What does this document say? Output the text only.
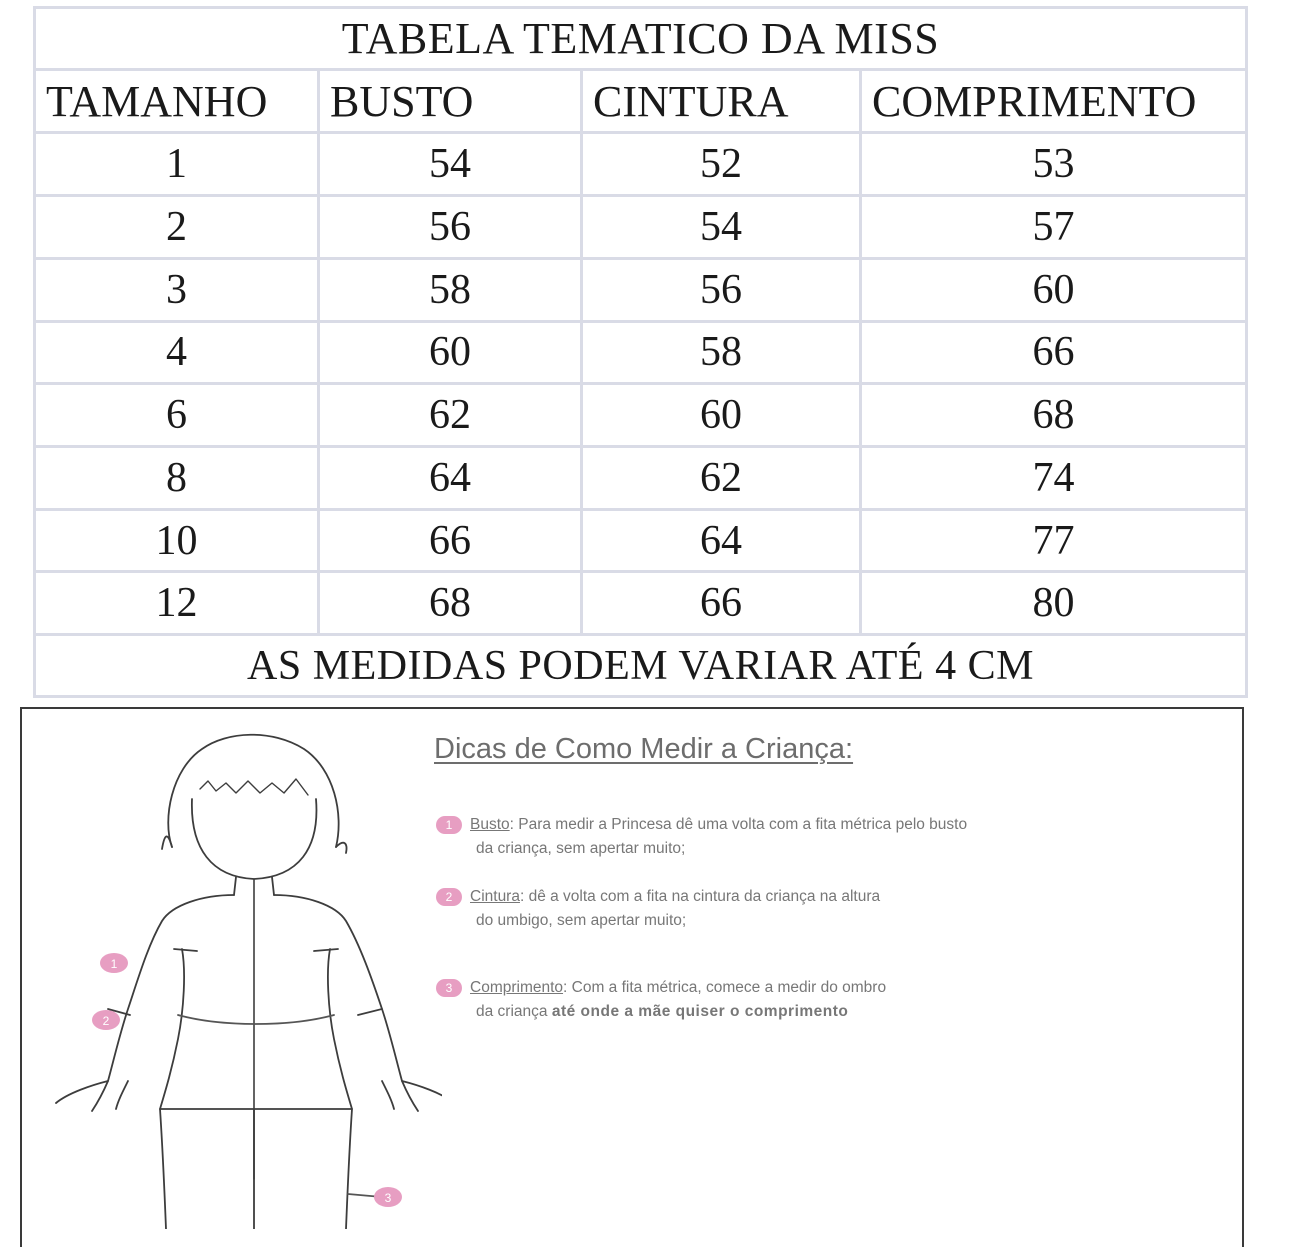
TABELA TEMATICO DA MISS			
TAMANHO	BUSTO	CINTURA	COMPRIMENTO
1	54	52	53
2	56	54	57
3	58	56	60
4	60	58	66
6	62	60	68
8	64	62	74
10	66	64	77
12	68	66	80
AS MEDIDAS PODEM VARIAR ATÉ 4 CM			
1
2
3
Dicas de Como Medir a Criança:
1 Busto: Para medir a Princesa dê uma volta com a fita métrica pelo busto
da criança, sem apertar muito;
2 Cintura: dê a volta com a fita na cintura da criança na altura
do umbigo, sem apertar muito;
3 Comprimento: Com a fita métrica, comece a medir do ombro
da criança até onde a mãe quiser o comprimento
